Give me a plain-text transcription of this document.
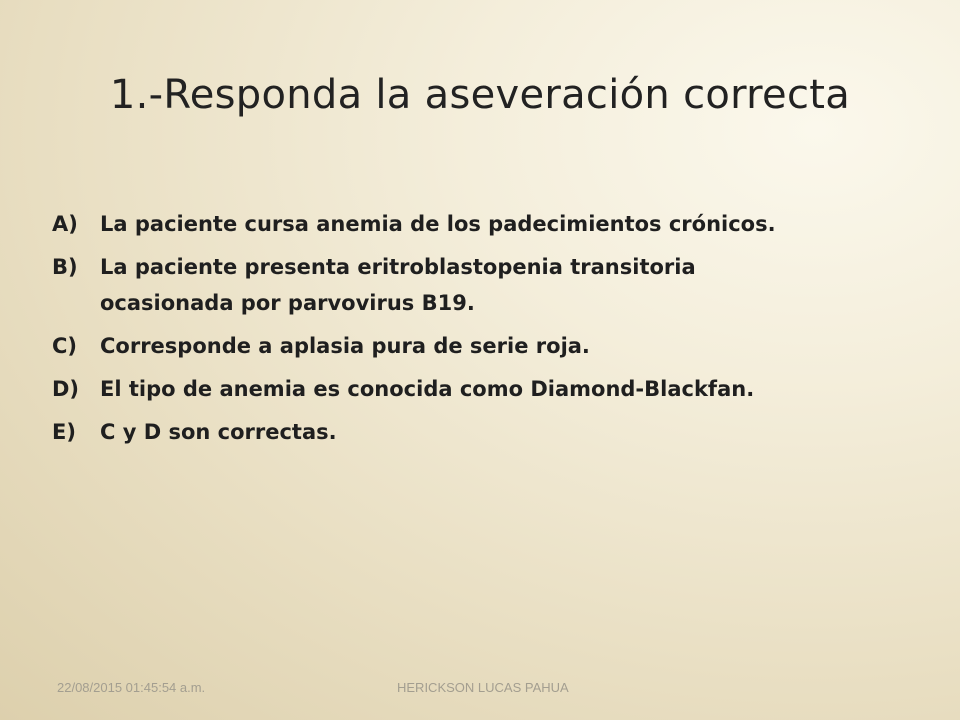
1.-Responda la aseveración correcta
A)	La paciente cursa anemia de los padecimientos crónicos.
B)	La paciente presenta eritroblastopenia transitoria
ocasionada por parvovirus B19.
C)	Corresponde a aplasia pura de serie roja.
D) El tipo de anemia es conocida como Diamond-Blackfan.
E)	C y D son correctas.
22/08/2015 01:45:54 a.m.	HERICKSON LUCAS PAHUA
